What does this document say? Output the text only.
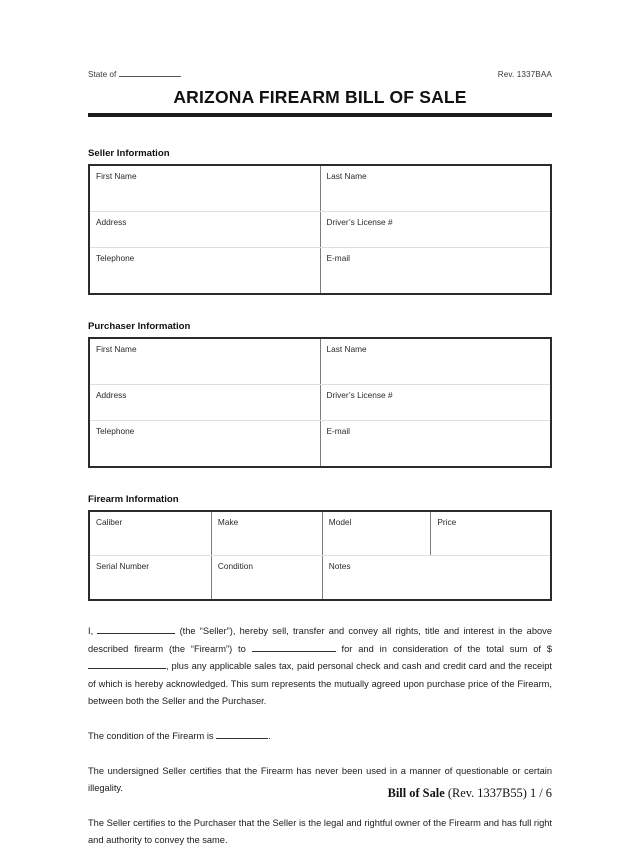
State of	Rev. 1337BAA
ARIZONA FIREARM BILL OF SALE
Seller Information
First Name	Last Name
Address	Driver’s License #
Telephone	E-mail
Purchaser Information
First Name	Last Name
Address	Driver’s License #
Telephone	E-mail
Firearm Information
Caliber	Make	Model	Price
Serial Number	Condition	Notes	

I,	(the “Seller”), hereby sell, transfer and convey all rights, title and interest in the above described firearm (the “Firearm”) to	for and in consideration of the total sum of $ , plus any applicable sales tax, paid personal check and cash and credit card and the receipt of which is hereby acknowledged. This sum represents the mutually agreed upon purchase price of the Firearm, between both the Seller and the Purchaser.

The condition of the Firearm is	.

The undersigned Seller certifies that the Firearm has never been used in a manner of questionable or certain illegality.

The Seller certifies to the Purchaser that the Seller is the legal and rightful owner of the Firearm and has full right and authority to convey the same.

Bill of Sale (Rev. 1337B55) 1 / 6
